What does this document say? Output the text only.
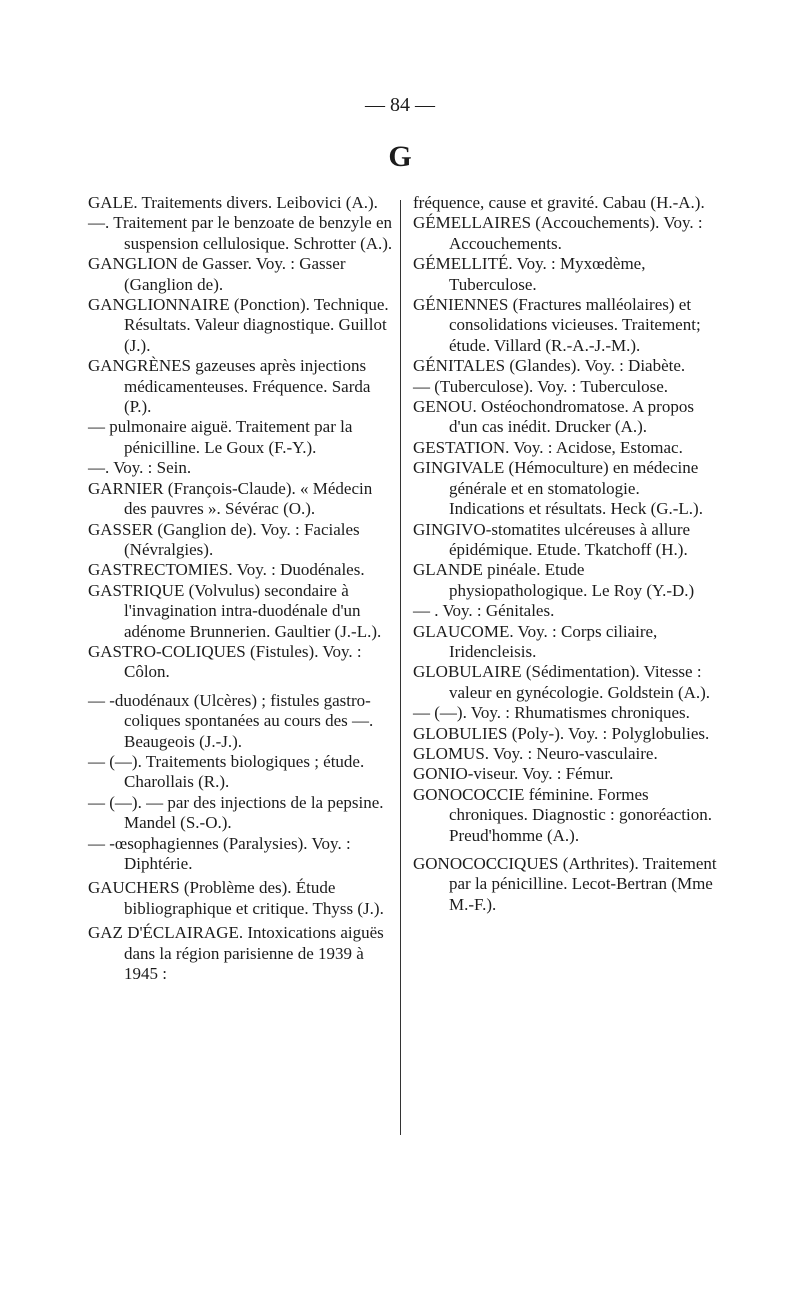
— 84 —
G

GALE. Traitements divers. Leibovici (A.).

—. Traitement par le benzoate de benzyle en suspension cellulosique. Schrotter (A.).

GANGLION de Gasser. Voy. : Gasser (Ganglion de).

GANGLIONNAIRE (Ponction). Technique. Résultats. Valeur diagnostique. Guillot (J.).

GANGRÈNES gazeuses après injections médicamenteuses. Fréquence. Sarda (P.).

— pulmonaire aiguë. Traitement par la pénicilline. Le Goux (F.-Y.).

—. Voy. : Sein.

GARNIER (François-Claude). « Médecin des pauvres ». Sévérac (O.).

GASSER (Ganglion de). Voy. : Faciales (Névralgies).

GASTRECTOMIES. Voy. : Duodénales.

GASTRIQUE (Volvulus) secondaire à l'invagination intra-duodénale d'un adénome Brunnerien. Gaultier (J.-L.).

GASTRO-COLIQUES (Fistules). Voy. : Côlon.

— -duodénaux (Ulcères) ; fistules gastro-coliques spontanées au cours des —. Beaugeois (J.-J.).

— (—). Traitements biologiques ; étude. Charollais (R.).

— (—). — par des injections de la pepsine. Mandel (S.-O.).

— -œsophagiennes (Paralysies). Voy. : Diphtérie.

GAUCHERS (Problème des). Étude bibliographique et critique. Thyss (J.).

GAZ D'ÉCLAIRAGE. Intoxications aiguës dans la région parisienne de 1939 à 1945 :

fréquence, cause et gravité. Cabau (H.-A.).

GÉMELLAIRES (Accouchements). Voy. : Accouchements.

GÉMELLITÉ. Voy. : Myxœdème, Tuberculose.

GÉNIENNES (Fractures malléolaires) et consolidations vicieuses. Traitement; étude. Villard (R.-A.-J.-M.).

GÉNITALES (Glandes). Voy. : Diabète.

— (Tuberculose). Voy. : Tuberculose.

GENOU. Ostéochondromatose. A propos d'un cas inédit. Drucker (A.).

GESTATION. Voy. : Acidose, Estomac.

GINGIVALE (Hémoculture) en médecine générale et en stomatologie. Indications et résultats. Heck (G.-L.).

GINGIVO-stomatites ulcéreuses à allure épidémique. Etude. Tkatchoff (H.).

GLANDE pinéale. Etude physiopathologique. Le Roy (Y.-D.)

— . Voy. : Génitales.

GLAUCOME. Voy. : Corps ciliaire, Iridencleisis.

GLOBULAIRE (Sédimentation). Vitesse : valeur en gynécologie. Goldstein (A.).

— (—). Voy. : Rhumatismes chroniques.

GLOBULIES (Poly-). Voy. : Polyglobulies.

GLOMUS. Voy. : Neuro-vasculaire.

GONIO-viseur. Voy. : Fémur.

GONOCOCCIE féminine. Formes chroniques. Diagnostic : gonoréaction. Preud'homme (A.).

GONOCOCCIQUES (Arthrites). Traitement par la pénicilline. Lecot-Bertran (Mme M.-F.).
